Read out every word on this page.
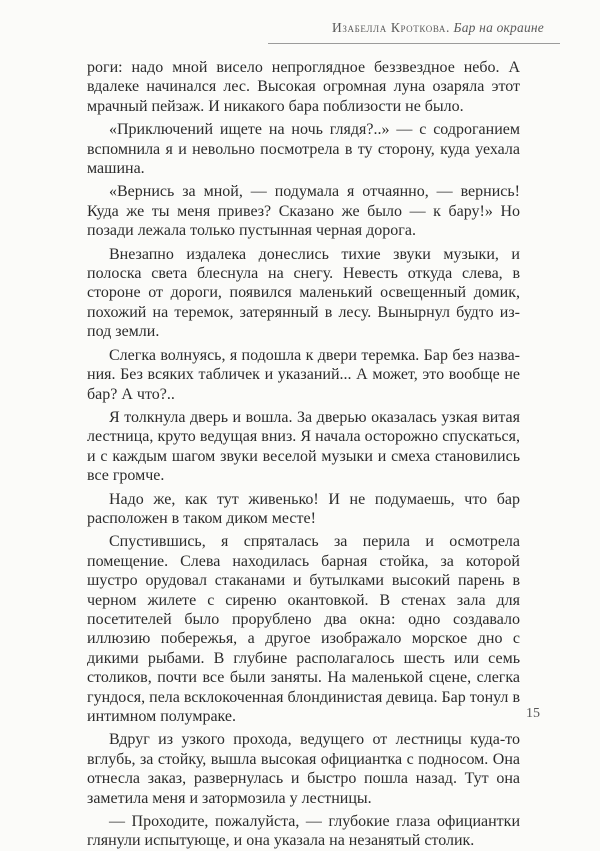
Изабелла Кроткова. Бар на окраине

роги: надо мной висело непроглядное беззвездное небо. А вдалеке начинался лес. Высокая огромная луна озаряла этот мрачный пейзаж. И никакого бара поблизости не было.

«Приключений ищете на ночь глядя?..» — с содроганием вспомнила я и невольно посмотрела в ту сторону, куда уехала машина.

«Вернись за мной, — подумала я отчаянно, — вернись! Куда же ты меня привез? Сказано же было — к бару!» Но позади лежала только пустынная черная дорога.

Внезапно издалека донеслись тихие звуки музыки, и полоска света блеснула на снегу. Невесть откуда слева, в стороне от дороги, появился маленький освещенный домик, похожий на теремок, затерянный в лесу. Вынырнул будто из-под земли.

Слегка волнуясь, я подошла к двери теремка. Бар без названия. Без всяких табличек и указаний... А может, это вообще не бар? А что?..

Я толкнула дверь и вошла. За дверью оказалась узкая витая лестница, круто ведущая вниз. Я начала осторожно спускаться, и с каждым шагом звуки веселой музыки и смеха становились все громче.

Надо же, как тут живенько! И не подумаешь, что бар расположен в таком диком месте!

Спустившись, я спряталась за перила и осмотрела помещение. Слева находилась барная стойка, за которой шустро орудовал стаканами и бутылками высокий парень в черном жилете с сиреню окантовкой. В стенах зала для посетителей было прорублено два окна: одно создавало иллюзию побережья, а другое изображало морское дно с дикими рыбами. В глубине располагалось шесть или семь столиков, почти все были заняты. На маленькой сцене, слегка гундося, пела всклокоченная блондинистая девица. Бар тонул в интимном полумраке.

Вдруг из узкого прохода, ведущего от лестницы куда-то вглубь, за стойку, вышла высокая официантка с подносом. Она отнесла заказ, развернулась и быстро пошла назад. Тут она заметила меня и затормозила у лестницы.

— Проходите, пожалуйста, — глубокие глаза официантки глянули испытующе, и она указала на незанятый столик.

15
